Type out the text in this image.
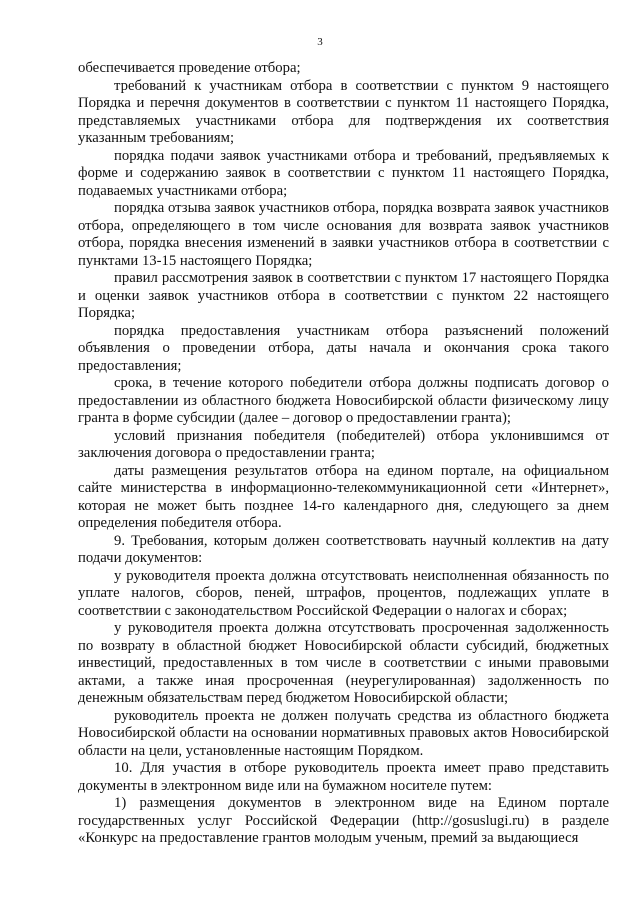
3

обеспечивается проведение отбора;

требований к участникам отбора в соответствии с пунктом 9 настоящего Порядка и перечня документов в соответствии с пунктом 11 настоящего Порядка, представляемых участниками отбора для подтверждения их соответствия указанным требованиям;

порядка подачи заявок участниками отбора и требований, предъявляемых к форме и содержанию заявок в соответствии с пунктом 11 настоящего Порядка, подаваемых участниками отбора;

порядка отзыва заявок участников отбора, порядка возврата заявок участников отбора, определяющего в том числе основания для возврата заявок участников отбора, порядка внесения изменений в заявки участников отбора в соответствии с пунктами 13-15 настоящего Порядка;

правил рассмотрения заявок в соответствии с пунктом 17 настоящего Порядка и оценки заявок участников отбора в соответствии с пунктом 22 настоящего Порядка;

порядка предоставления участникам отбора разъяснений положений объявления о проведении отбора, даты начала и окончания срока такого предоставления;

срока, в течение которого победители отбора должны подписать договор о предоставлении из областного бюджета Новосибирской области физическому лицу гранта в форме субсидии (далее – договор о предоставлении гранта);

условий признания победителя (победителей) отбора уклонившимся от заключения договора о предоставлении гранта;

даты размещения результатов отбора на едином портале, на официальном сайте министерства в информационно-телекоммуникационной сети «Интернет», которая не может быть позднее 14-го календарного дня, следующего за днем определения победителя отбора.

9. Требования, которым должен соответствовать научный коллектив на дату подачи документов:

у руководителя проекта должна отсутствовать неисполненная обязанность по уплате налогов, сборов, пеней, штрафов, процентов, подлежащих уплате в соответствии с законодательством Российской Федерации о налогах и сборах;

у руководителя проекта должна отсутствовать просроченная задолженность по возврату в областной бюджет Новосибирской области субсидий, бюджетных инвестиций, предоставленных в том числе в соответствии с иными правовыми актами, а также иная просроченная (неурегулированная) задолженность по денежным обязательствам перед бюджетом Новосибирской области;

руководитель проекта не должен получать средства из областного бюджета Новосибирской области на основании нормативных правовых актов Новосибирской области на цели, установленные настоящим Порядком.

10. Для участия в отборе руководитель проекта имеет право представить документы в электронном виде или на бумажном носителе путем:

1) размещения документов в электронном виде на Едином портале государственных услуг Российской Федерации (http://gosuslugi.ru) в разделе «Конкурс на предоставление грантов молодым ученым, премий за выдающиеся
